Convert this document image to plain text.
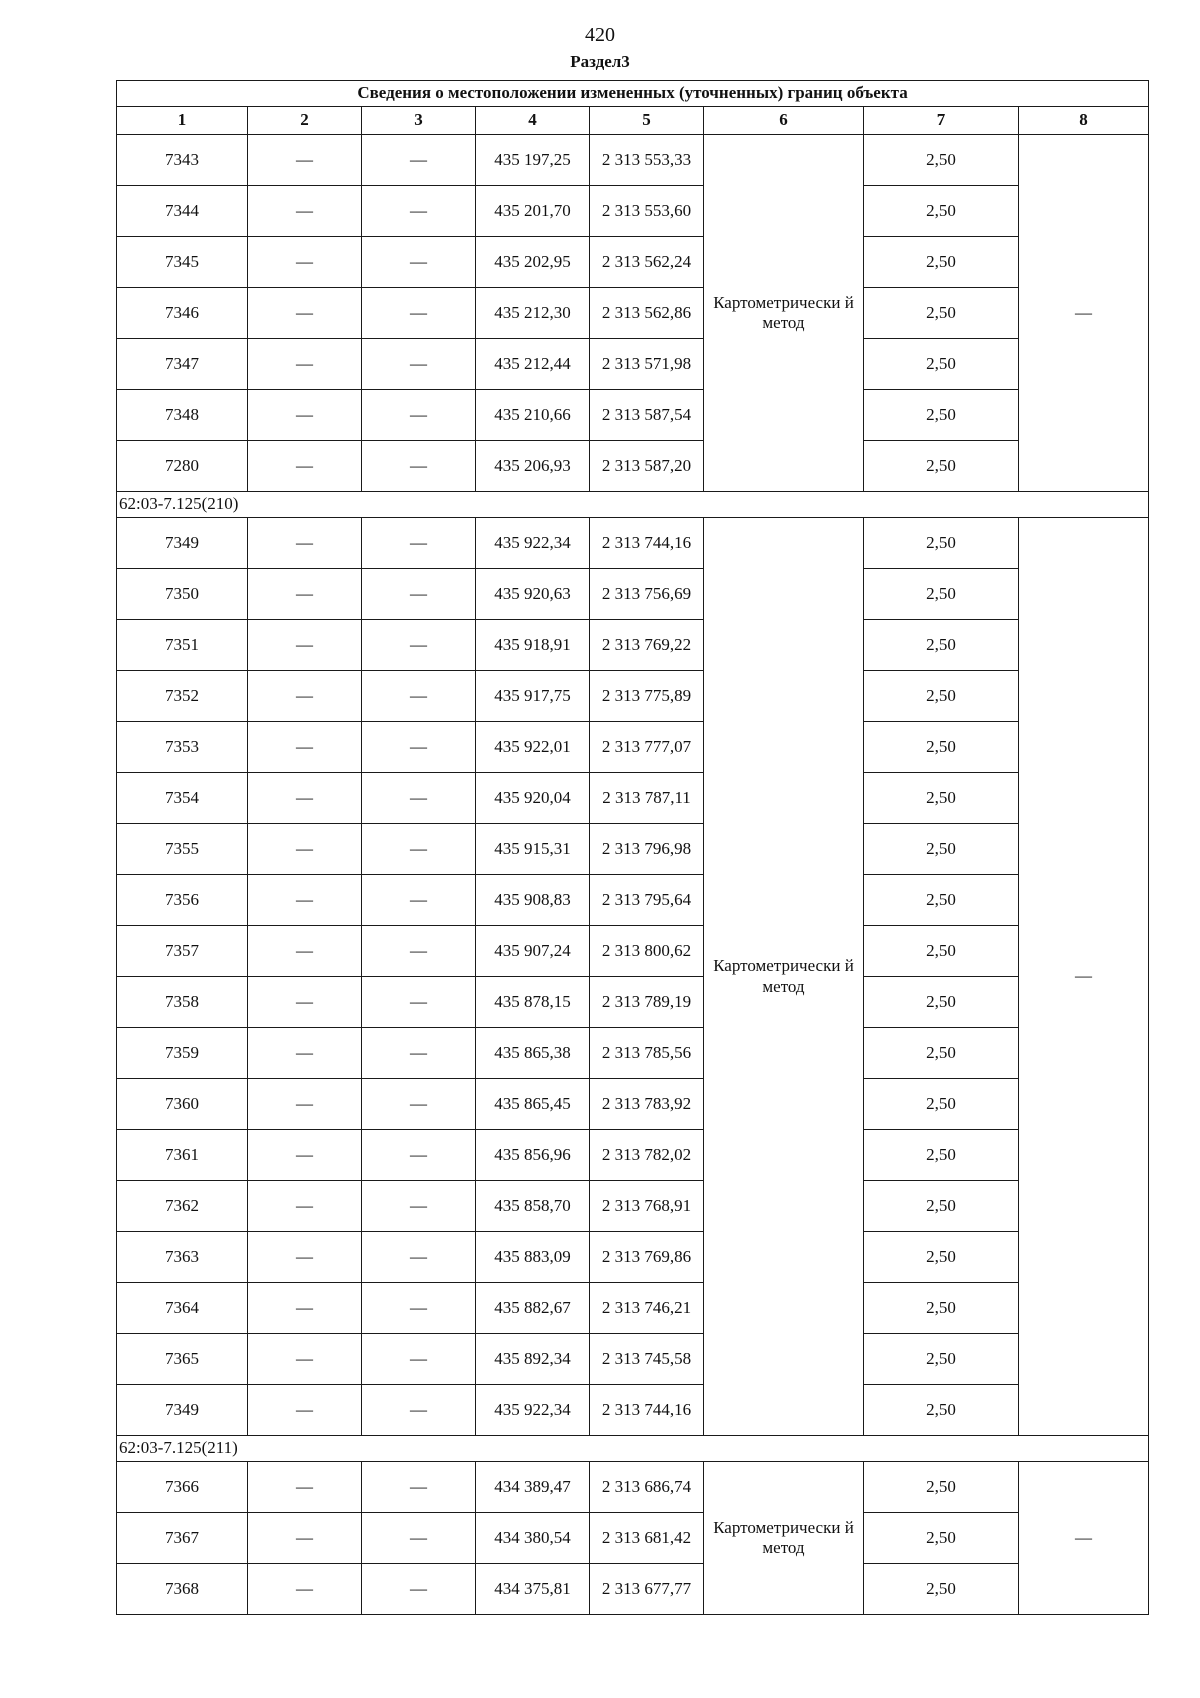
420
Раздел3
Сведения о местоположении измененных (уточненных) границ объекта							
1	2	3	4	5	6	7	8
7343	—	—	435 197,25	2 313 553,33	Картометрически й метод	2,50	—
7344	—	—	435 201,70	2 313 553,60		2,50	
7345	—	—	435 202,95	2 313 562,24		2,50	
7346	—	—	435 212,30	2 313 562,86		2,50	
7347	—	—	435 212,44	2 313 571,98		2,50	
7348	—	—	435 210,66	2 313 587,54		2,50	
7280	—	—	435 206,93	2 313 587,20		2,50	
62:03-7.125(210)							
7349	—	—	435 922,34	2 313 744,16	Картометрически й метод	2,50	—
7350	—	—	435 920,63	2 313 756,69		2,50	
7351	—	—	435 918,91	2 313 769,22		2,50	
7352	—	—	435 917,75	2 313 775,89		2,50	
7353	—	—	435 922,01	2 313 777,07		2,50	
7354	—	—	435 920,04	2 313 787,11		2,50	
7355	—	—	435 915,31	2 313 796,98		2,50	
7356	—	—	435 908,83	2 313 795,64		2,50	
7357	—	—	435 907,24	2 313 800,62		2,50	
7358	—	—	435 878,15	2 313 789,19		2,50	
7359	—	—	435 865,38	2 313 785,56		2,50	
7360	—	—	435 865,45	2 313 783,92		2,50	
7361	—	—	435 856,96	2 313 782,02		2,50	
7362	—	—	435 858,70	2 313 768,91		2,50	
7363	—	—	435 883,09	2 313 769,86		2,50	
7364	—	—	435 882,67	2 313 746,21		2,50	
7365	—	—	435 892,34	2 313 745,58		2,50	
7349	—	—	435 922,34	2 313 744,16		2,50	
62:03-7.125(211)							
7366	—	—	434 389,47	2 313 686,74	Картометрически й метод	2,50	—
7367	—	—	434 380,54	2 313 681,42		2,50	
7368	—	—	434 375,81	2 313 677,77		2,50	
